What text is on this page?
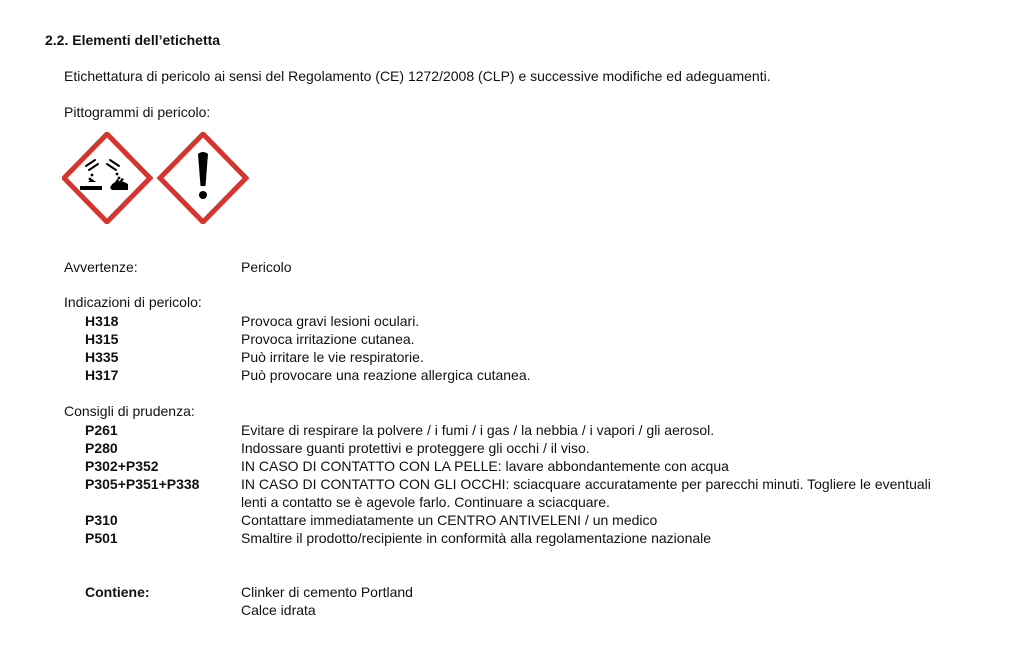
2.2. Elementi dell’etichetta
Etichettatura di pericolo ai sensi del Regolamento (CE) 1272/2008 (CLP) e successive modifiche ed adeguamenti.
Pittogrammi di pericolo:
Avvertenze:	Pericolo
Indicazioni di pericolo:
H318	Provoca gravi lesioni oculari.
H315	Provoca irritazione cutanea.
H335	Può irritare le vie respiratorie.
H317	Può provocare una reazione allergica cutanea.
Consigli di prudenza:
P261	Evitare di respirare la polvere / i fumi / i gas / la nebbia / i vapori / gli aerosol.
P280	Indossare guanti protettivi e proteggere gli occhi / il viso.
P302+P352	IN CASO DI CONTATTO CON LA PELLE: lavare abbondantemente con acqua
P305+P351+P338	IN CASO DI CONTATTO CON GLI OCCHI: sciacquare accuratamente per parecchi minuti. Togliere le eventuali
lenti a contatto se è agevole farlo. Continuare a sciacquare.
P310	Contattare immediatamente un CENTRO ANTIVELENI / un medico
P501	Smaltire il prodotto/recipiente in conformità alla regolamentazione nazionale
Contiene:	Clinker di cemento Portland
Calce idrata
